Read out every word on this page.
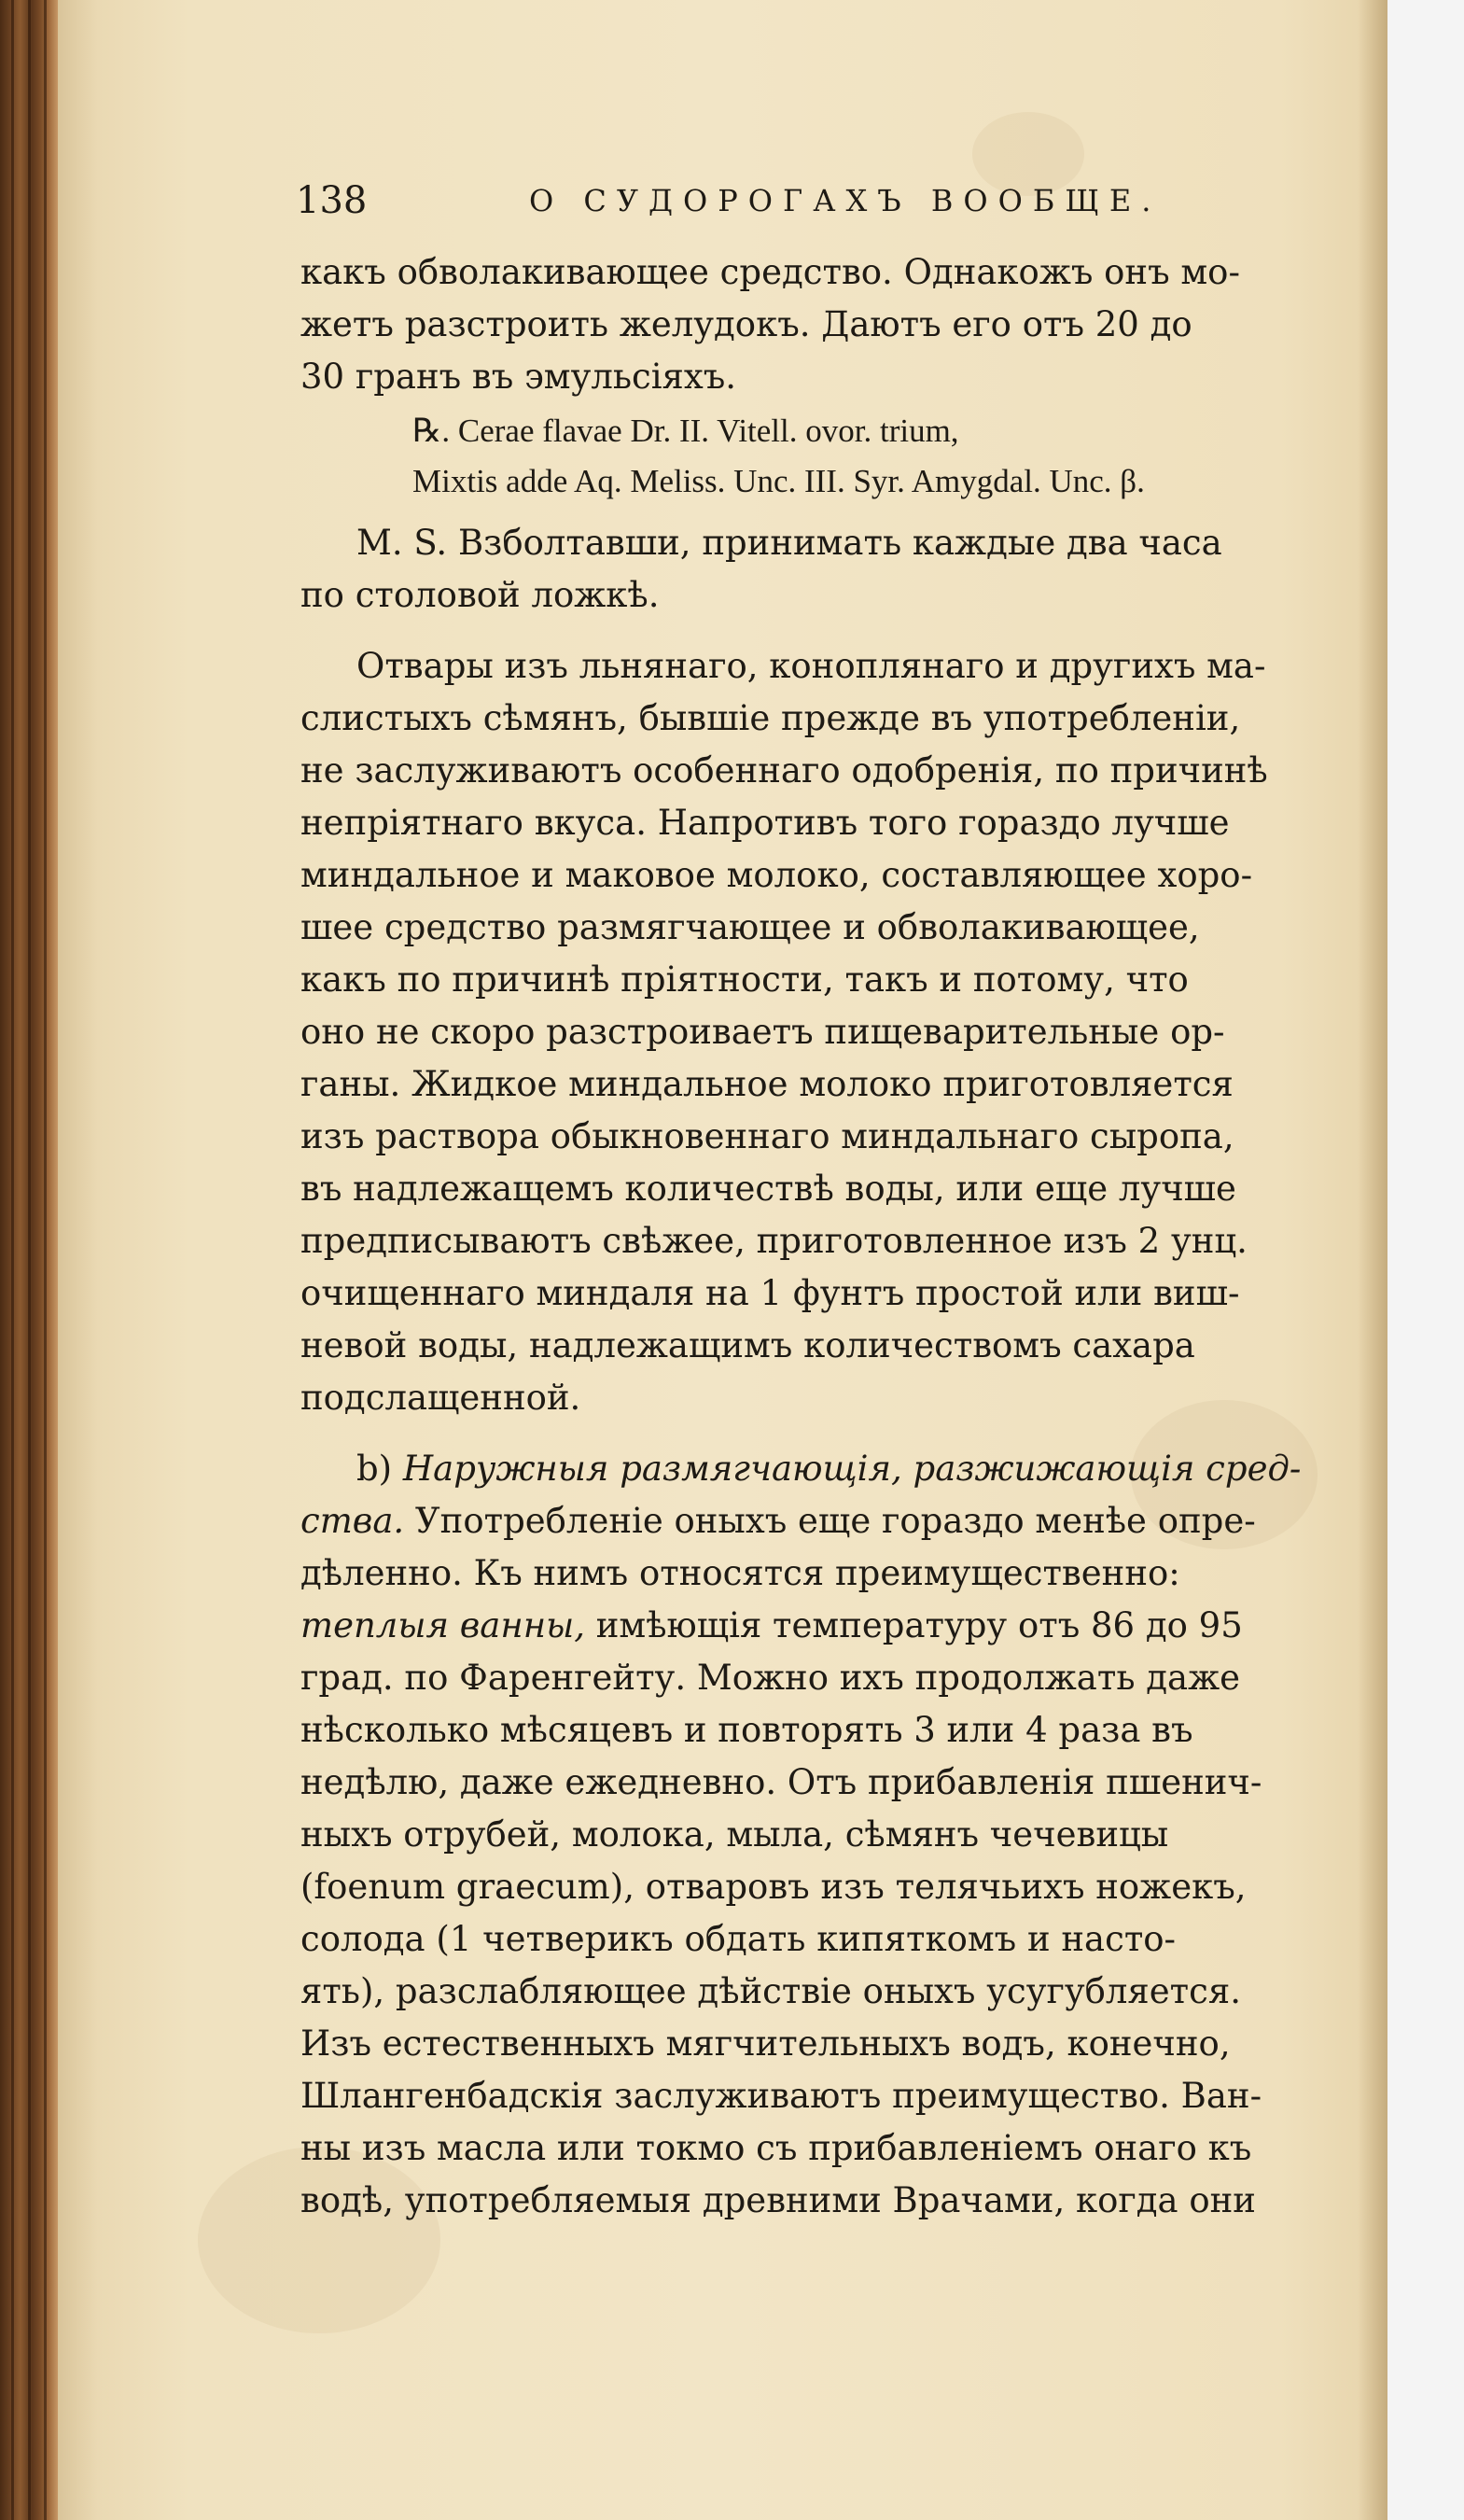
138	О СУДОРОГАХЪ ВООБЩЕ.
какъ обволакивающее средство. Однакожъ онъ мо-
жетъ разстроить желудокъ. Даютъ его отъ 20 до
30 гранъ въ эмульсіяхъ.
℞. Cerae flavae Dr. II. Vitell. ovor. trium,
Mixtis adde Aq. Meliss. Unc. III. Syr. Amygdal. Unc. β.
M. S. Взболтавши, принимать каждые два часа
по столовой ложкѣ.
Отвары изъ льнянаго, коноплянаго и другихъ ма-
слистыхъ сѣмянъ, бывшіе прежде въ употребленіи,
не заслуживаютъ особеннаго одобренія, по причинѣ
непріятнаго вкуса. Напротивъ того гораздо лучше
миндальное и маковое молоко, составляющее хоро-
шее средство размягчающее и обволакивающее,
какъ по причинѣ пріятности, такъ и потому, что
оно не скоро разстроиваетъ пищеварительные ор-
ганы. Жидкое миндальное молоко приготовляется
изъ раствора обыкновеннаго миндальнаго сыропа,
въ надлежащемъ количествѣ воды, или еще лучше
предписываютъ свѣжее, приготовленное изъ 2 унц.
очищеннаго миндаля на 1 фунтъ простой или виш-
невой воды, надлежащимъ количествомъ сахара
подслащенной.
b) Наружныя размягчающія, разжижающія сред-
ства. Употребленіе оныхъ еще гораздо менѣе опре-
дѣленно. Къ нимъ относятся преимущественно:
теплыя ванны, имѣющія температуру отъ 86 до 95
град. по Фаренгейту. Можно ихъ продолжать даже
нѣсколько мѣсяцевъ и повторять 3 или 4 раза въ
недѣлю, даже ежедневно. Отъ прибавленія пшенич-
ныхъ отрубей, молока, мыла, сѣмянъ чечевицы
(foenum graecum), отваровъ изъ телячьихъ ножекъ,
солода (1 четверикъ обдать кипяткомъ и насто-
ять), разслабляющее дѣйствіе оныхъ усугубляется.
Изъ естественныхъ мягчительныхъ водъ, конечно,
Шлангенбадскія заслуживаютъ преимущество. Ван-
ны изъ масла или токмо съ прибавленіемъ онаго къ
водѣ, употребляемыя древними Врачами, когда они
